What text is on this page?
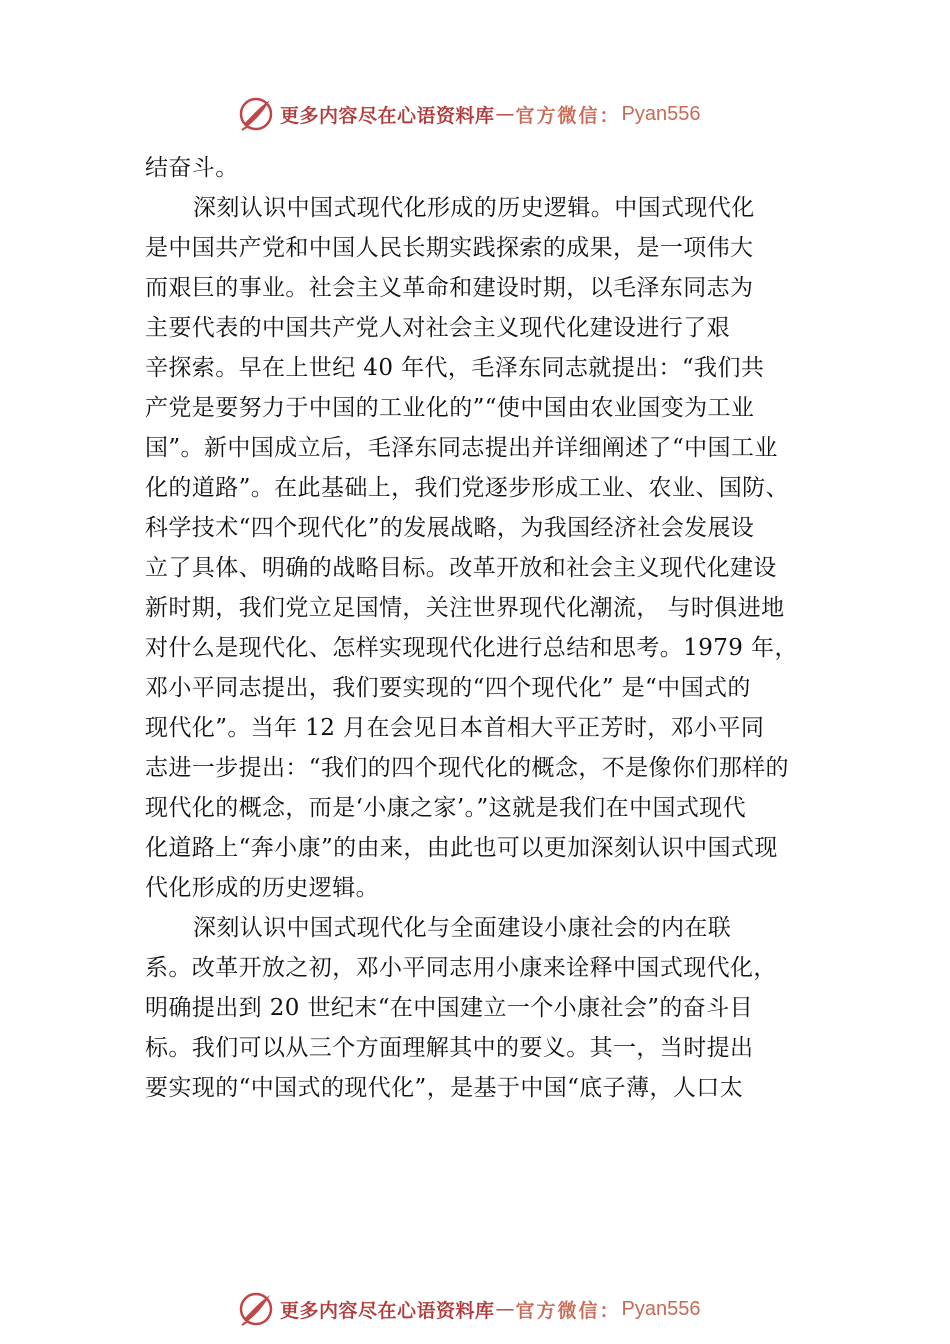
更多内容尽在心语资料库 — 官方微信： Pyan556
结奋斗。
深刻认识中国式现代化形成的历史逻辑。中国式现代化
是中国共产党和中国人民长期实践探索的成果，是一项伟大
而艰巨的事业。社会主义革命和建设时期，以毛泽东同志为
主要代表的中国共产党人对社会主义现代化建设进行了艰
辛探索。早在上世纪 40 年代，毛泽东同志就提出：“我们共
产党是要努力于中国的工业化的”“使中国由农业国变为工业
国”。新中国成立后，毛泽东同志提出并详细阐述了“中国工业
化的道路”。在此基础上，我们党逐步形成工业、农业、国防、
科学技术“四个现代化”的发展战略，为我国经济社会发展设
立了具体、明确的战略目标。改革开放和社会主义现代化建设
新时期，我们党立足国情，关注世界现代化潮流， 与时俱进地
对什么是现代化、怎样实现现代化进行总结和思考。1979 年，
邓小平同志提出，我们要实现的“四个现代化” 是“中国式的
现代化”。当年 12 月在会见日本首相大平正芳时，邓小平同
志进一步提出：“我们的四个现代化的概念，不是像你们那样的
现代化的概念，而是‘小康之家’。”这就是我们在中国式现代
化道路上“奔小康”的由来，由此也可以更加深刻认识中国式现
代化形成的历史逻辑。
深刻认识中国式现代化与全面建设小康社会的内在联
系。改革开放之初，邓小平同志用小康来诠释中国式现代化，
明确提出到 20 世纪末“在中国建立一个小康社会”的奋斗目
标。我们可以从三个方面理解其中的要义。其一，当时提出
要实现的“中国式的现代化”，是基于中国“底子薄，人口太
更多内容尽在心语资料库 — 官方微信： Pyan556
